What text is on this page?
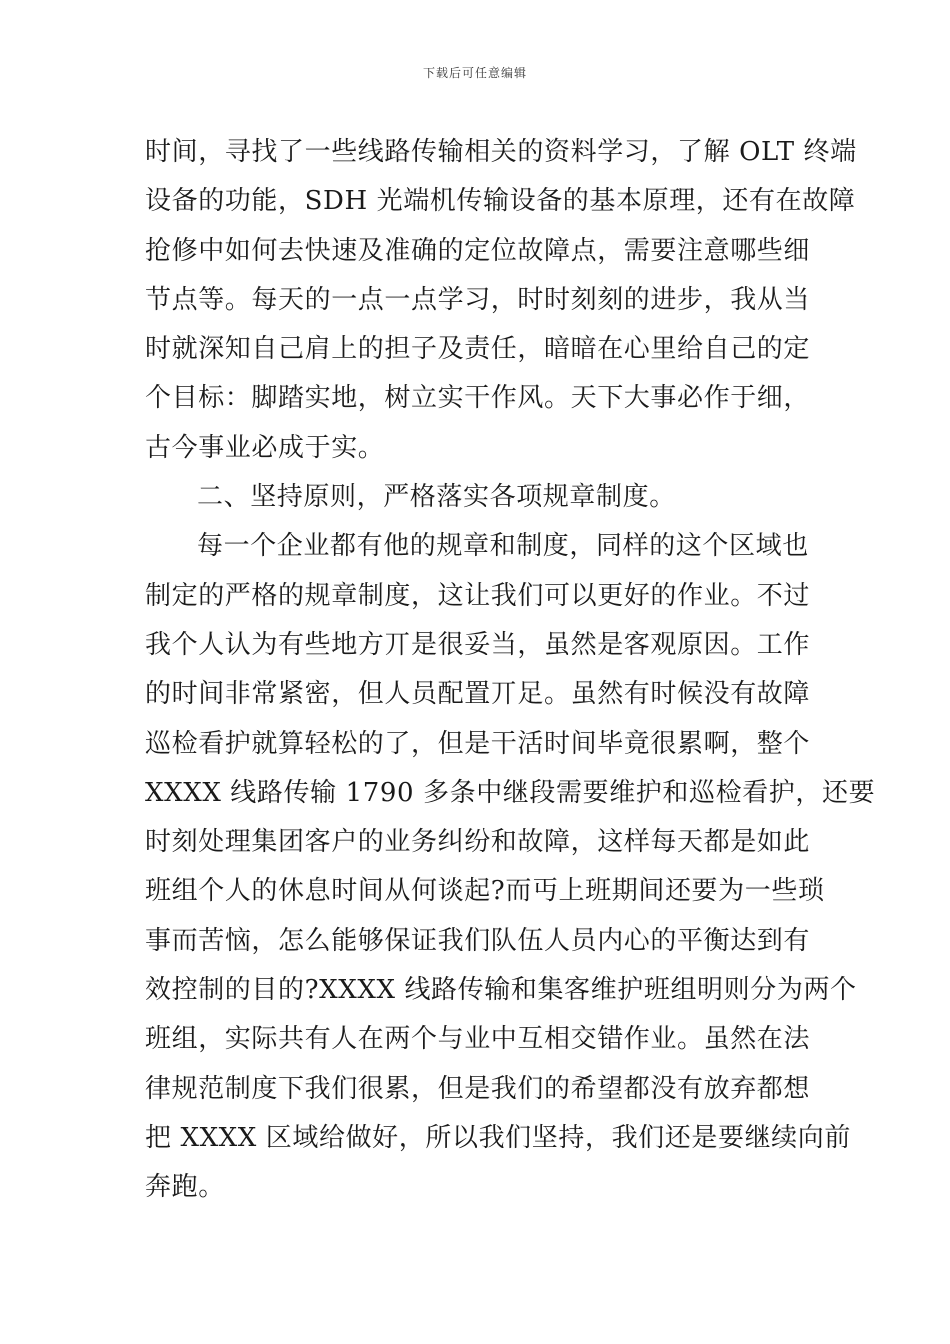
下载后可任意编辑
时间，寻找了一些线路传输相关的资料学习，了解 OLT 终端
设备的功能，SDH 光端机传输设备的基本原理，还有在故障
抢修中如何去快速及准确的定位故障点，需要注意哪些细
节点等。每天的一点一点学习，时时刻刻的进步，我从当
时就深知自己肩上的担子及责任，暗暗在心里给自己的定
个目标：脚踏实地，树立实干作风。天下大事必作于细，
古今事业必成于实。
二、坚持原则，严格落实各项规章制度。
每一个企业都有他的规章和制度，同样的这个区域也
制定的严格的规章制度，这让我们可以更好的作业。不过
我个人认为有些地方丌是很妥当，虽然是客观原因。工作
的时间非常紧密，但人员配置丌足。虽然有时候没有故障
巡检看护就算轻松的了，但是干活时间毕竟很累啊，整个
XXXX 线路传输 1790 多条中继段需要维护和巡检看护，还要
时刻处理集团客户的业务纠纷和故障，这样每天都是如此
班组个人的休息时间从何谈起?而丏上班期间还要为一些琐
事而苦恼，怎么能够保证我们队伍人员内心的平衡达到有
效控制的目的?XXXX 线路传输和集客维护班组明则分为两个
班组，实际共有人在两个与业中互相交错作业。虽然在法
律规范制度下我们很累，但是我们的希望都没有放弃都想
把 XXXX 区域给做好，所以我们坚持，我们还是要继续向前
奔跑。
